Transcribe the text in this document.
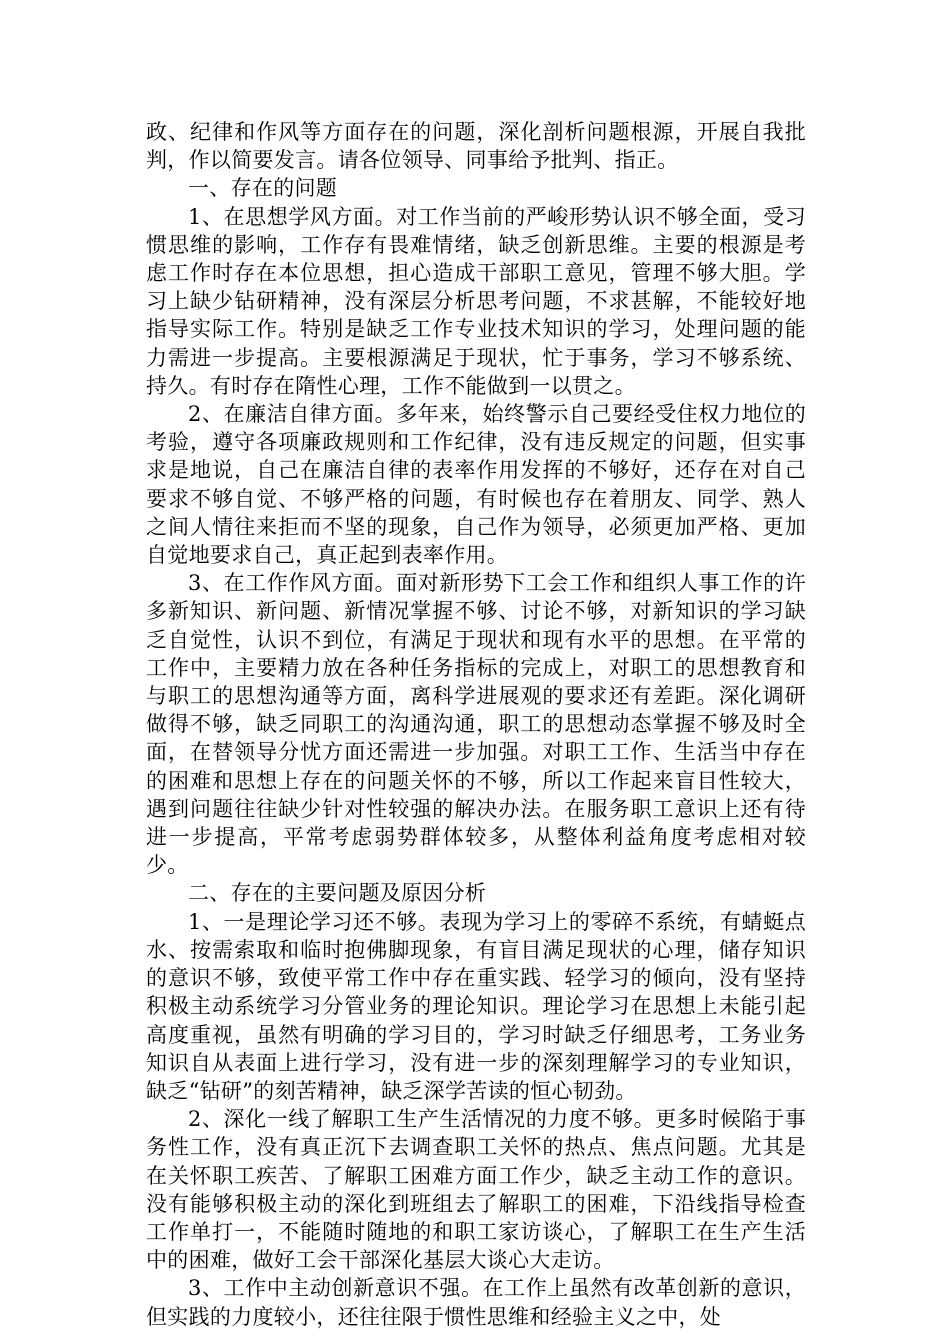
政、纪律和作风等方面存在的问题，深化剖析问题根源，开展自我批判，作以简要发言。请各位领导、同事给予批判、指正。

一、存在的问题

1、在思想学风方面。对工作当前的严峻形势认识不够全面，受习惯思维的影响，工作存有畏难情绪，缺乏创新思维。主要的根源是考虑工作时存在本位思想，担心造成干部职工意见，管理不够大胆。学习上缺少钻研精神，没有深层分析思考问题，不求甚解，不能较好地指导实际工作。特别是缺乏工作专业技术知识的学习，处理问题的能力需进一步提高。主要根源满足于现状，忙于事务，学习不够系统、持久。有时存在隋性心理，工作不能做到一以贯之。

2、在廉洁自律方面。多年来，始终警示自己要经受住权力地位的考验，遵守各项廉政规则和工作纪律，没有违反规定的问题，但实事求是地说，自己在廉洁自律的表率作用发挥的不够好，还存在对自己要求不够自觉、不够严格的问题，有时候也存在着朋友、同学、熟人之间人情往来拒而不坚的现象，自己作为领导，必须更加严格、更加自觉地要求自己，真正起到表率作用。

3、在工作作风方面。面对新形势下工会工作和组织人事工作的许多新知识、新问题、新情况掌握不够、讨论不够，对新知识的学习缺乏自觉性，认识不到位，有满足于现状和现有水平的思想。在平常的工作中，主要精力放在各种任务指标的完成上，对职工的思想教育和与职工的思想沟通等方面，离科学进展观的要求还有差距。深化调研做得不够，缺乏同职工的沟通沟通，职工的思想动态掌握不够及时全面，在替领导分忧方面还需进一步加强。对职工工作、生活当中存在的困难和思想上存在的问题关怀的不够，所以工作起来盲目性较大，遇到问题往往缺少针对性较强的解决办法。在服务职工意识上还有待进一步提高，平常考虑弱势群体较多，从整体利益角度考虑相对较少。

二、存在的主要问题及原因分析

1、一是理论学习还不够。表现为学习上的零碎不系统，有蜻蜓点水、按需索取和临时抱佛脚现象，有盲目满足现状的心理，储存知识的意识不够，致使平常工作中存在重实践、轻学习的倾向，没有坚持积极主动系统学习分管业务的理论知识。理论学习在思想上未能引起高度重视，虽然有明确的学习目的，学习时缺乏仔细思考，工务业务知识自从表面上进行学习，没有进一步的深刻理解学习的专业知识，缺乏“钻研”的刻苦精神，缺乏深学苦读的恒心韧劲。

2、深化一线了解职工生产生活情况的力度不够。更多时候陷于事务性工作，没有真正沉下去调查职工关怀的热点、焦点问题。尤其是在关怀职工疾苦、了解职工困难方面工作少，缺乏主动工作的意识。没有能够积极主动的深化到班组去了解职工的困难，下沿线指导检查工作单打一，不能随时随地的和职工家访谈心，了解职工在生产生活中的困难，做好工会干部深化基层大谈心大走访。

3、工作中主动创新意识不强。在工作上虽然有改革创新的意识，但实践的力度较小，还往往限于惯性思维和经验主义之中，处
